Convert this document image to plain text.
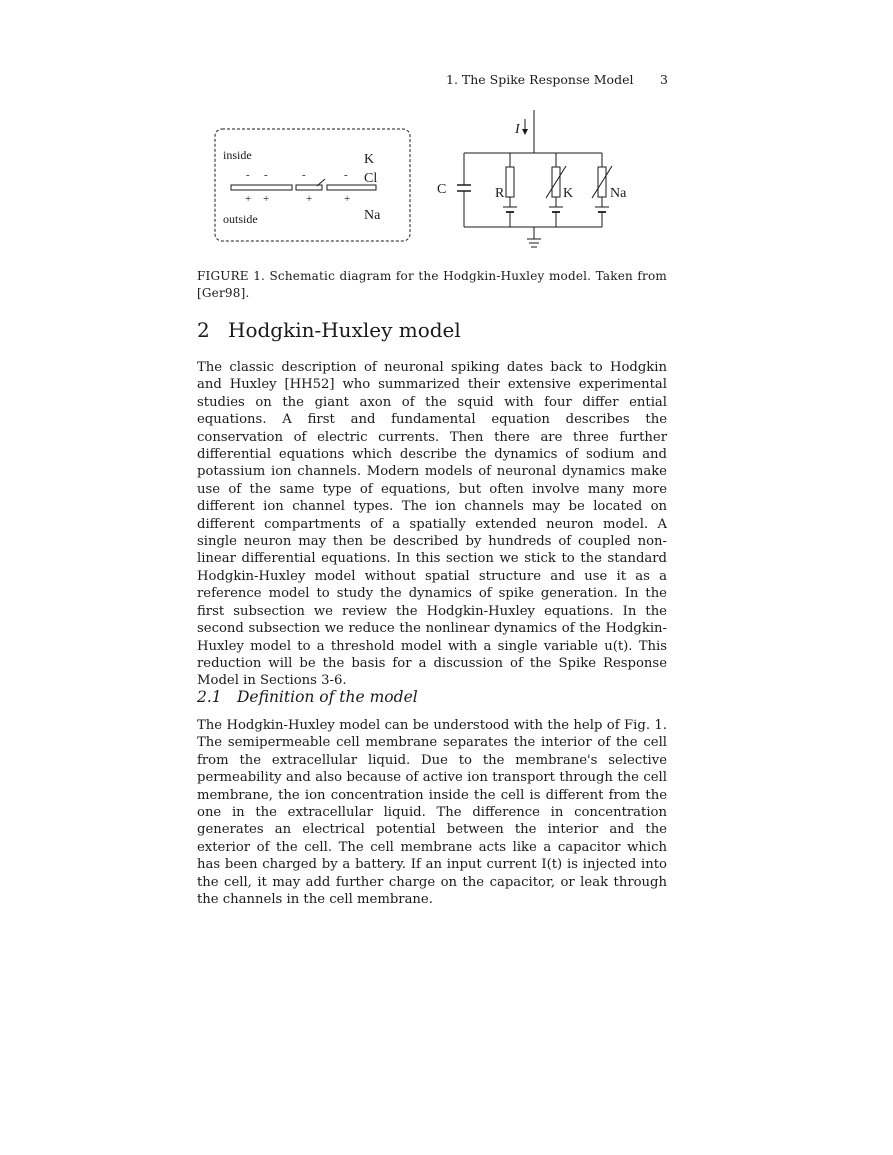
1. The Spike Response Model 3
inside
outside
K
Cl
Na
- -	-	-
+ +	+	+
I
C	R	K	Na
FIGURE 1. Schematic diagram for the Hodgkin-Huxley model. Taken from [Ger98].
2 Hodgkin-Huxley model

The classic description of neuronal spiking dates back to Hodgkin and Huxley [HH52] who summarized their extensive experimental studies on the giant axon of the squid with four differ ential equations. A first and fundamental equation describes the conservation of electric currents. Then there are three further differential equations which describe the dynamics of sodium and potassium ion channels. Modern models of neuronal dynamics make use of the same type of equations, but often involve many more different ion channel types. The ion channels may be located on different compartments of a spatially extended neuron model. A single neuron may then be described by hundreds of coupled non-linear differential equations. In this section we stick to the standard Hodgkin-Huxley model without spatial structure and use it as a reference model to study the dynamics of spike generation. In the first subsection we review the Hodgkin-Huxley equations. In the second subsection we reduce the nonlinear dynamics of the Hodgkin-Huxley model to a threshold model with a single variable u(t). This reduction will be the basis for a discussion of the Spike Response Model in Sections 3-6.

2.1 Definition of the model

The Hodgkin-Huxley model can be understood with the help of Fig. 1. The semipermeable cell membrane separates the interior of the cell from the extracellular liquid. Due to the membrane's selective permeability and also because of active ion transport through the cell membrane, the ion concentration inside the cell is different from the one in the extracellular liquid. The difference in concentration generates an electrical potential between the interior and the exterior of the cell. The cell membrane acts like a capacitor which has been charged by a battery. If an input current I(t) is injected into the cell, it may add further charge on the capacitor, or leak through the channels in the cell membrane.
